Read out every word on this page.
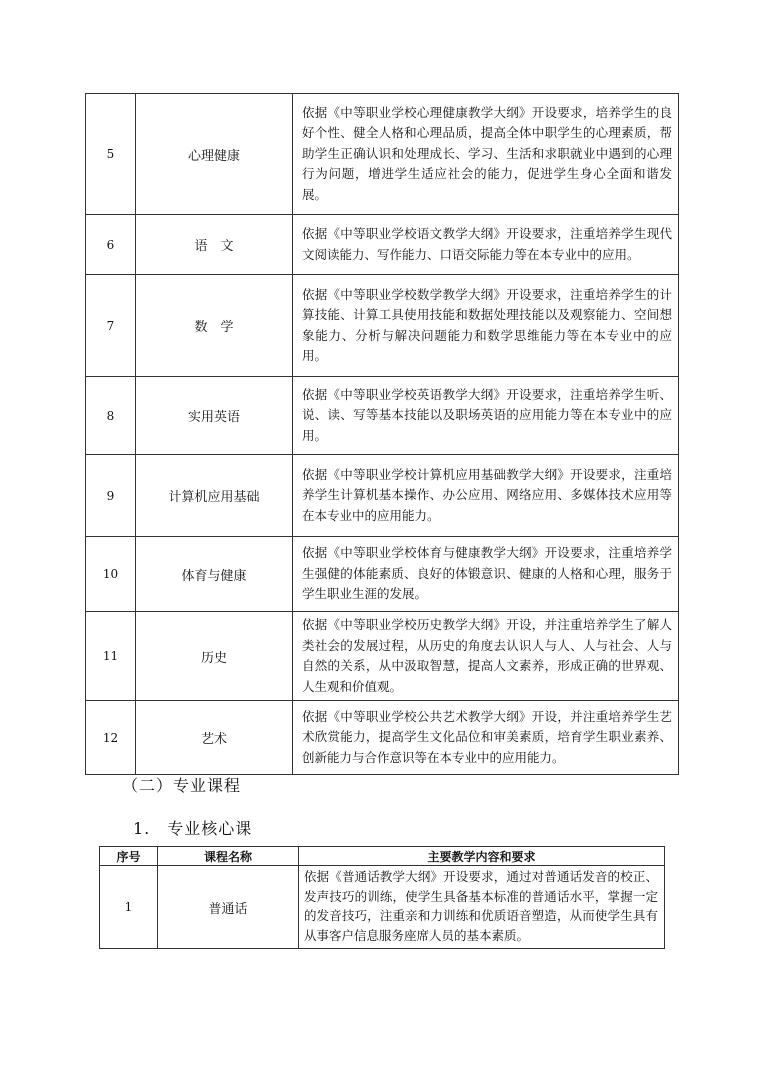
5	心理健康	依据《中等职业学校心理健康教学大纲》开设要求，培养学生的良好个性、健全人格和心理品质，提高全体中职学生的心理素质，帮助学生正确认识和处理成长、学习、生活和求职就业中遇到的心理行为问题，增进学生适应社会的能力，促进学生身心全面和谐发展。
6	语　文	依据《中等职业学校语文教学大纲》开设要求，注重培养学生现代文阅读能力、写作能力、口语交际能力等在本专业中的应用。
7	数　学	依据《中等职业学校数学教学大纲》开设要求，注重培养学生的计算技能、计算工具使用技能和数据处理技能以及观察能力、空间想象能力、分析与解决问题能力和数学思维能力等在本专业中的应用。
8	实用英语	依据《中等职业学校英语教学大纲》开设要求，注重培养学生听、说、读、写等基本技能以及职场英语的应用能力等在本专业中的应用。
9	计算机应用基础	依据《中等职业学校计算机应用基础教学大纲》开设要求，注重培养学生计算机基本操作、办公应用、网络应用、多媒体技术应用等在本专业中的应用能力。
10	体育与健康	依据《中等职业学校体育与健康教学大纲》开设要求，注重培养学生强健的体能素质、良好的体锻意识、健康的人格和心理，服务于学生职业生涯的发展。
11	历史	依据《中等职业学校历史教学大纲》开设，并注重培养学生了解人类社会的发展过程，从历史的角度去认识人与人、人与社会、人与自然的关系，从中汲取智慧，提高人文素养，形成正确的世界观、人生观和价值观。
12	艺术	依据《中等职业学校公共艺术教学大纲》开设，并注重培养学生艺术欣赏能力，提高学生文化品位和审美素质，培育学生职业素养、创新能力与合作意识等在本专业中的应用能力。
（二）专业课程
1.　专业核心课
序号	课程名称	主要教学内容和要求
1	普通话	依据《普通话教学大纲》开设要求，通过对普通话发音的校正、发声技巧的训练，使学生具备基本标准的普通话水平，掌握一定的发音技巧，注重亲和力训练和优质语音塑造，从而使学生具有从事客户信息服务座席人员的基本素质。
